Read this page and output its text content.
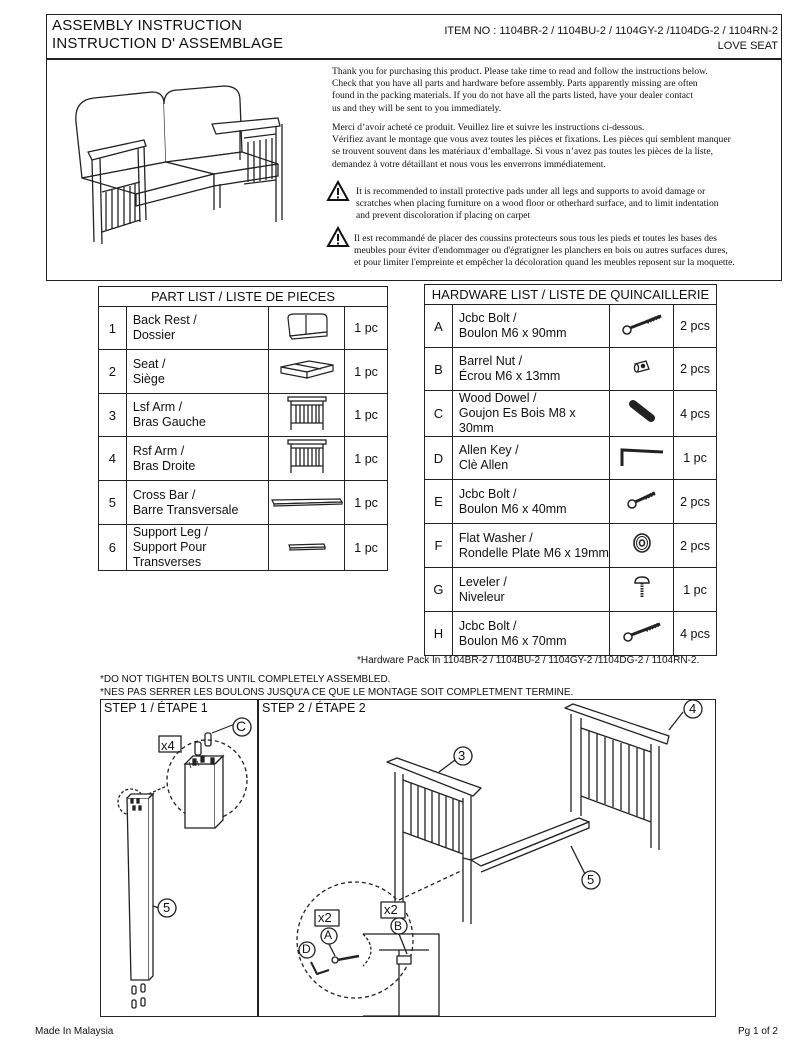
ASSEMBLY INSTRUCTION
INSTRUCTION D' ASSEMBLAGE
ITEM NO : 1104BR-2 / 1104BU-2 / 1104GY-2 /1104DG-2 / 1104RN-2
LOVE SEAT
Thank you for purchasing this product. Please take time to read and follow the instructions below.
Check that you have all parts and hardware before assembly. Parts apparently missing are often
found in the packing materials. If you do not have all the parts listed, have your dealer contact
us and they will be sent to you immediately.
Merci d’avoir acheté ce produit. Veuillez lire et suivre les instructions ci-dessous.
Vérifiez avant le montage que vous avez toutes les pièces et fixations. Les pièces qui semblent manquer
se trouvent souvent dans les matériaux d’emballage. Si vous n’avez pas toutes les pièces de la liste,
demandez à votre détaillant et nous vous les enverrons immédiatement.
It is recommended to install protective pads under all legs and supports to avoid damage or
scratches when placing furniture on a wood floor or otherhard surface, and to limit indentation
and prevent discoloration if placing on carpet
Il est recommandé de placer des coussins protecteurs sous tous les pieds et toutes les bases des
meubles pour éviter d'endommager ou d'égratigner les planchers en bois ou autres surfaces dures,
et pour limiter l'empreinte et empêcher la décoloration quand les meubles reposent sur la moquette.
PART LIST / LISTE DE PIECES			
1	Back Rest /
Dossier		1 pc
2	Seat /
Siège		1 pc
3	Lsf Arm /
Bras Gauche		1 pc
4	Rsf Arm /
Bras Droite		1 pc
5	Cross Bar /
Barre Transversale		1 pc
6	Support Leg /
Support Pour Transverses		1 pc
HARDWARE LIST / LISTE DE QUINCAILLERIE			
A	Jcbc Bolt /
Boulon M6 x 90mm		2 pcs
B	Barrel Nut /
Écrou M6 x 13mm		2 pcs
C	Wood Dowel /
Goujon Es Bois M8 x 30mm		4 pcs
D	Allen Key /
Clè Allen		1 pc
E	Jcbc Bolt /
Boulon M6 x 40mm		2 pcs
F	Flat Washer /
Rondelle Plate M6 x 19mm		2 pcs
G	Leveler /
Niveleur		1 pc
H	Jcbc Bolt /
Boulon M6 x 70mm		4 pcs
*Hardware Pack In 1104BR-2 / 1104BU-2 / 1104GY-2 /1104DG-2 / 1104RN-2.
*DO NOT TIGHTEN BOLTS UNTIL COMPLETELY ASSEMBLED.
*NES PAS SERRER LES BOULONS JUSQU'A CE QUE LE MONTAGE SOIT COMPLETMENT TERMINE.
STEP 1 / ÉTAPE 1
x4
C
5
STEP 2 / ÉTAPE 2
3
4
5
x2
A
D
x2
B
Made In Malaysia	Pg 1 of 2
